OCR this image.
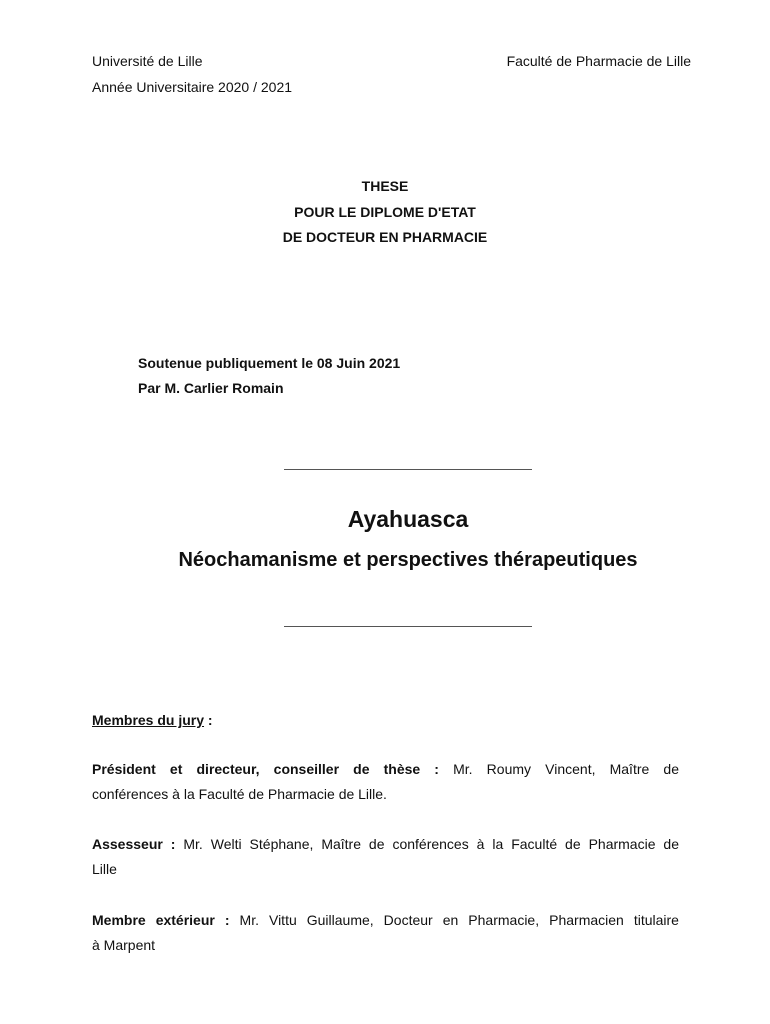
Université de Lille	Faculté de Pharmacie de Lille
Année Universitaire 2020 / 2021
THESE
POUR LE DIPLOME D'ETAT
DE DOCTEUR EN PHARMACIE
Soutenue publiquement le 08 Juin 2021
Par M. Carlier Romain
Ayahuasca
Néochamanisme et perspectives thérapeutiques
Membres du jury :
Président et directeur, conseiller de thèse : Mr. Roumy Vincent, Maître de
conférences à la Faculté de Pharmacie de Lille.
Assesseur : Mr. Welti Stéphane, Maître de conférences à la Faculté de Pharmacie de
Lille
Membre extérieur : Mr. Vittu Guillaume, Docteur en Pharmacie, Pharmacien titulaire
à Marpent
